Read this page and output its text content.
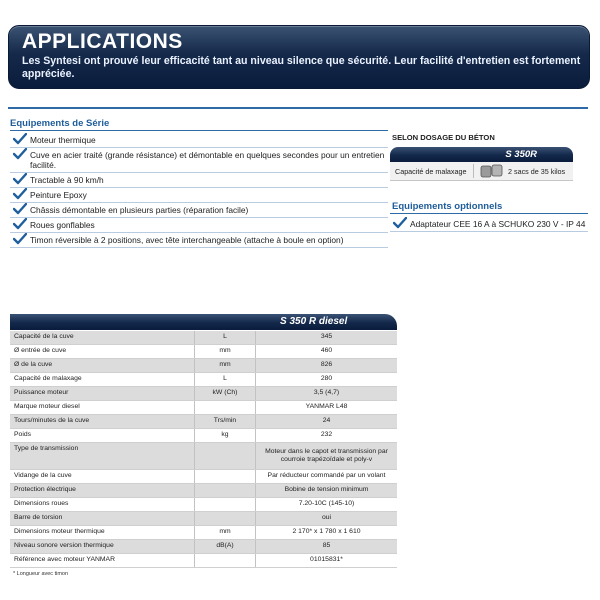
APPLICATIONS
Les Syntesi ont prouvé leur efficacité tant au niveau silence que sécurité. Leur facilité d'entretien est fortement appréciée.
Equipements de Série
Moteur thermique
Cuve en acier traité (grande résistance) et démontable en quelques secondes pour un entretien facilité.
Tractable à 90 km/h
Peinture Epoxy
Châssis démontable en plusieurs parties (réparation facile)
Roues gonflables
Timon réversible à 2 positions, avec tête interchangeable (attache à boule en option)
SELON DOSAGE DU BÉTON
S 350R
Capacité de malaxage	2 sacs de 35 kilos
Equipements optionnels
Adaptateur CEE 16 A à SCHUKO 230 V - IP 44
S 350 R diesel
Capacité de la cuve	L	345
Ø entrée de cuve	mm	460
Ø de la cuve	mm	826
Capacité de malaxage	L	280
Puissance moteur	kW (Ch)	3,5 (4,7)
Marque moteur diesel		YANMAR L48
Tours/minutes de la cuve	Trs/min	24
Poids	kg	232
Type de transmission		Moteur dans le capot et transmission par courroie trapézoïdale et poly-v
Vidange de la cuve		Par réducteur commandé par un volant
Protection électrique		Bobine de tension minimum
Dimensions roues		7.20-10C (145-10)
Barre de torsion		oui
Dimensions moteur thermique	mm	2 170* x 1 780 x 1 610
Niveau sonore version thermique	dB(A)	85
Référence avec moteur YANMAR		01015831*
* Longueur avec timon
